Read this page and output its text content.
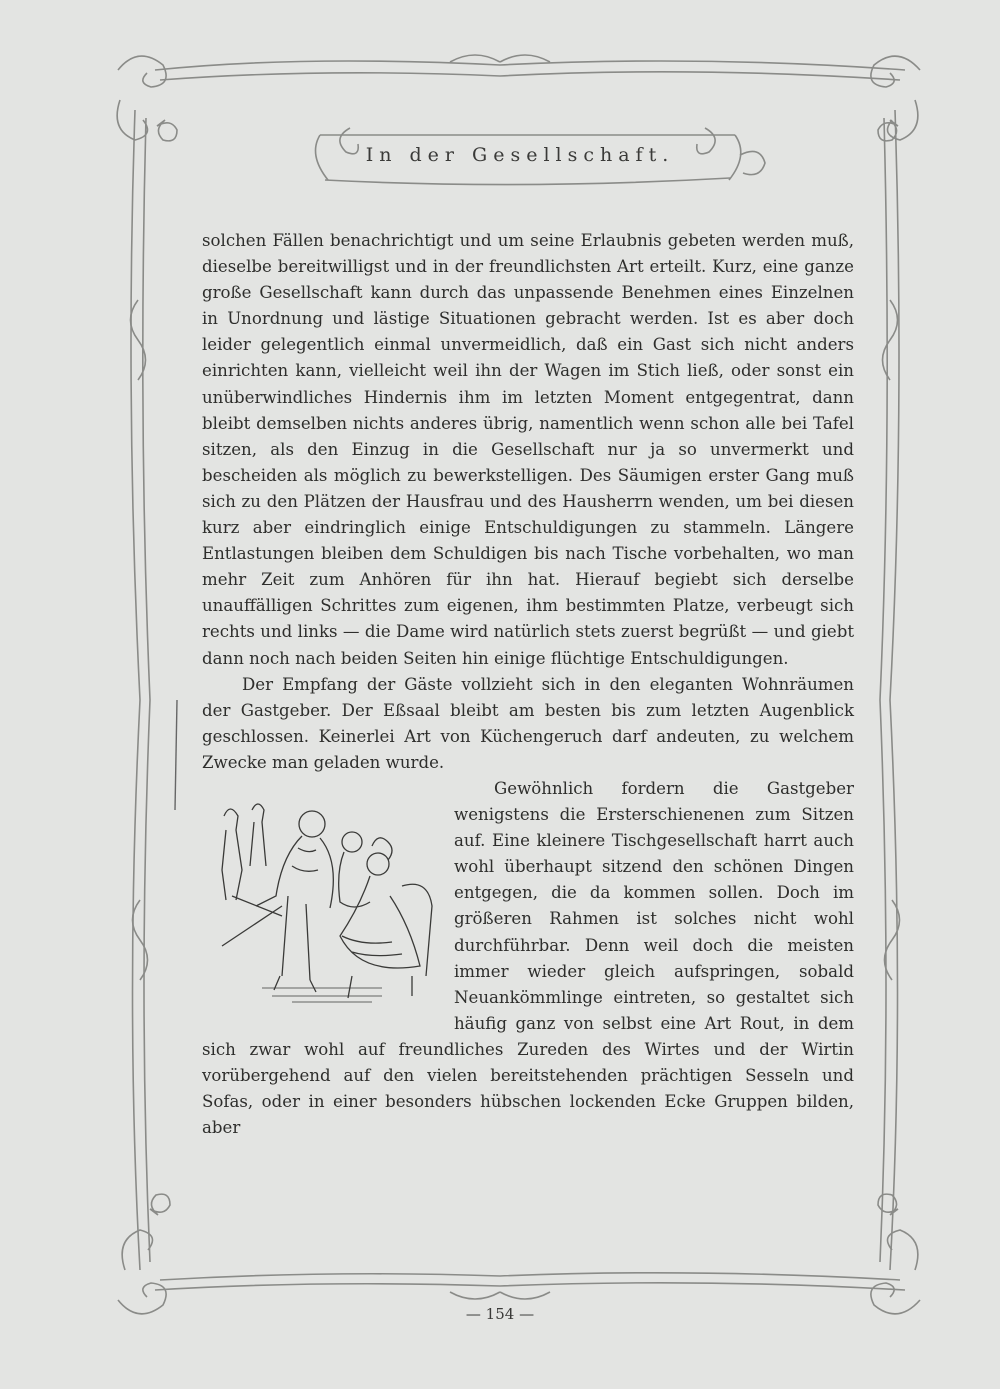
In der Gesellschaft.

solchen Fällen benachrichtigt und um seine Erlaubnis gebeten werden muß, dieselbe bereitwilligst und in der freundlichsten Art erteilt. Kurz, eine ganze große Gesellschaft kann durch das unpassende Benehmen eines Einzelnen in Unordnung und lästige Situationen gebracht werden. Ist es aber doch leider gelegentlich einmal unvermeidlich, daß ein Gast sich nicht anders einrichten kann, vielleicht weil ihn der Wagen im Stich ließ, oder sonst ein unüberwindliches Hindernis ihm im letzten Moment entgegentrat, dann bleibt demselben nichts anderes übrig, namentlich wenn schon alle bei Tafel sitzen, als den Einzug in die Gesellschaft nur ja so unvermerkt und bescheiden als möglich zu bewerkstelligen. Des Säumigen erster Gang muß sich zu den Plätzen der Hausfrau und des Hausherrn wenden, um bei diesen kurz aber eindringlich einige Entschuldigungen zu stammeln. Längere Entlastungen bleiben dem Schuldigen bis nach Tische vorbehalten, wo man mehr Zeit zum Anhören für ihn hat. Hierauf begiebt sich derselbe unauffälligen Schrittes zum eigenen, ihm bestimmten Platze, verbeugt sich rechts und links — die Dame wird natürlich stets zuerst begrüßt — und giebt dann noch nach beiden Seiten hin einige flüchtige Entschuldigungen.

Der Empfang der Gäste vollzieht sich in den eleganten Wohnräumen der Gastgeber. Der Eßsaal bleibt am besten bis zum letzten Augenblick geschlossen. Keinerlei Art von Küchengeruch darf andeuten, zu welchem Zwecke man geladen wurde.

Gewöhnlich fordern die Gastgeber wenigstens die Ersterschienenen zum Sitzen auf. Eine kleinere Tischgesellschaft harrt auch wohl überhaupt sitzend den schönen Dingen entgegen, die da kommen sollen. Doch im größeren Rahmen ist solches nicht wohl durchführbar. Denn weil doch die meisten immer wieder gleich aufspringen, sobald Neuankömmlinge eintreten, so gestaltet sich häufig ganz von selbst eine Art Rout, in dem sich zwar wohl auf freundliches Zureden des Wirtes und der Wirtin vorübergehend auf den vielen bereitstehenden prächtigen Sesseln und Sofas, oder in einer besonders hübschen lockenden Ecke Gruppen bilden, aber

— 154 —
